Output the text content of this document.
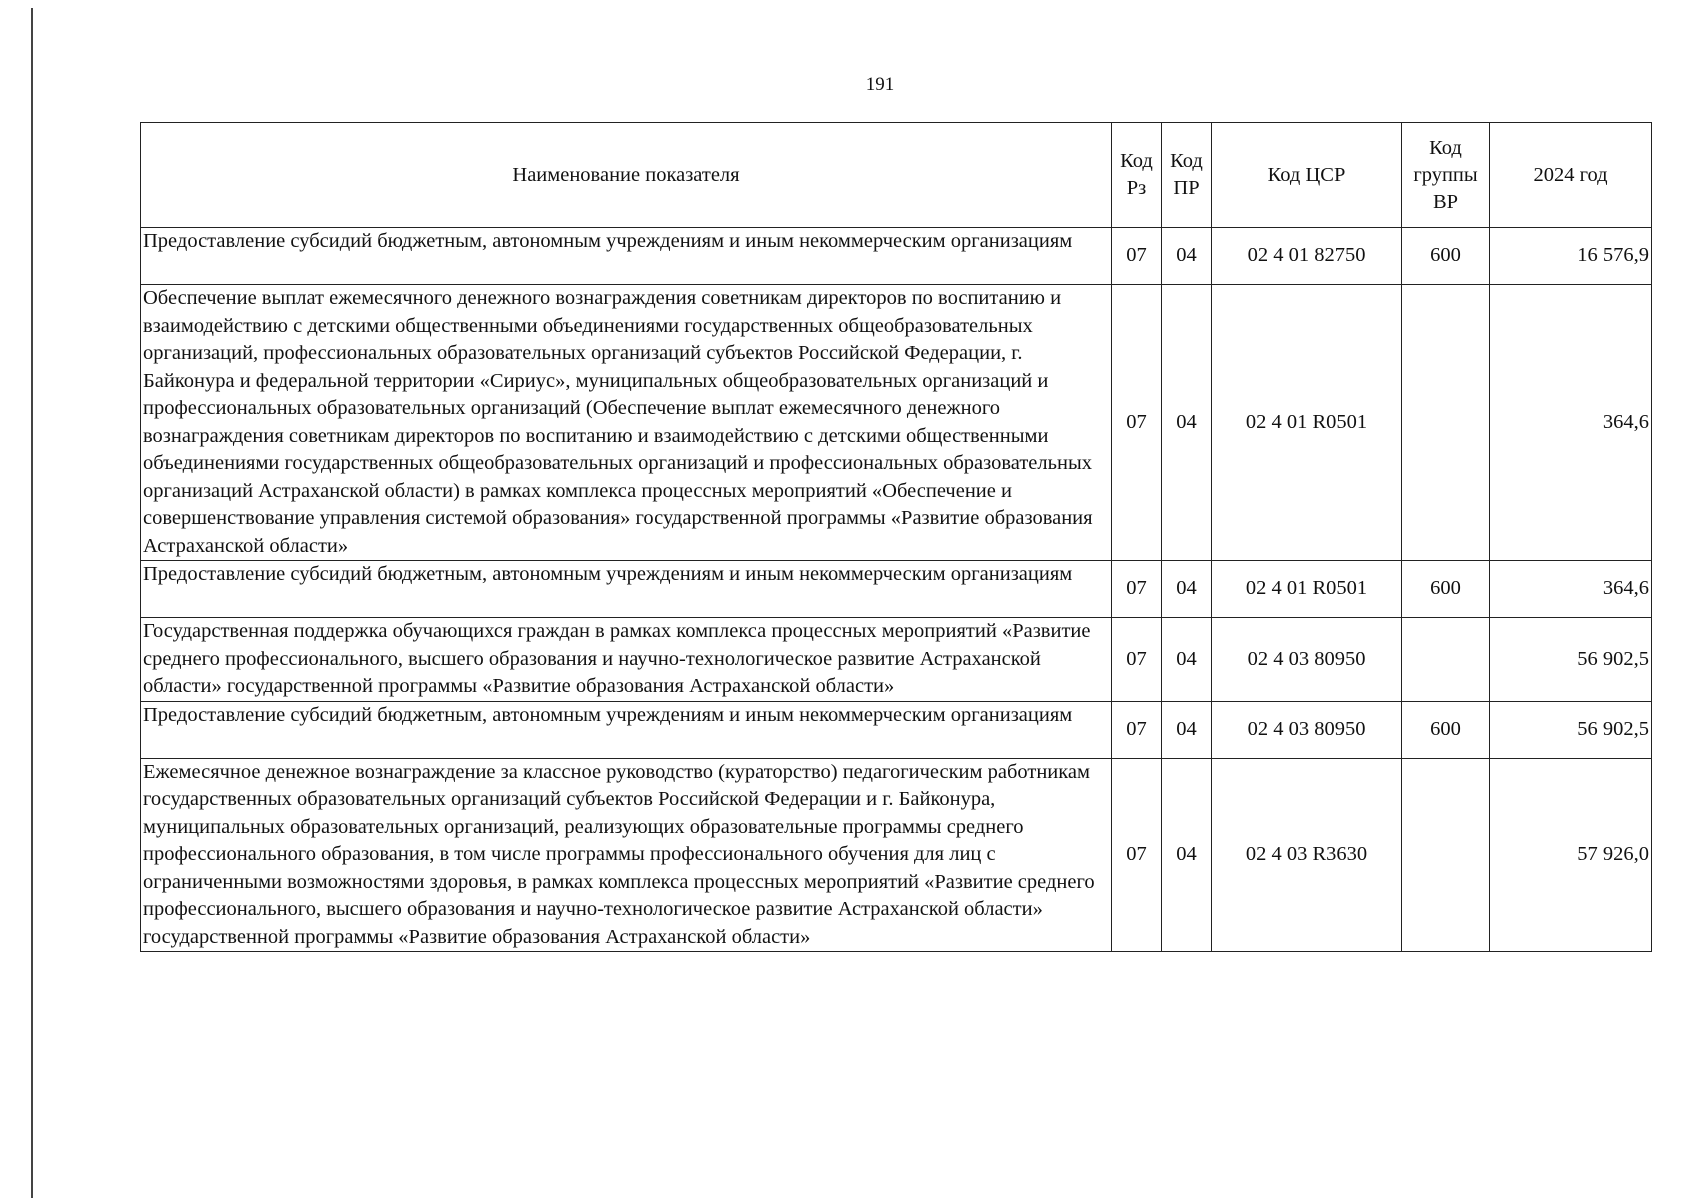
191
Наименование показателя	Код Рз	Код ПР	Код ЦСР	Код группы ВР	2024 год
Предоставление субсидий бюджетным, автономным учреждениям и иным некоммерческим организациям	07	04	02 4 01 82750	600	16 576,9
Обеспечение выплат ежемесячного денежного вознаграждения советникам директоров по воспитанию и взаимодействию с детскими общественными объединениями государственных общеобразовательных организаций, профессиональных образовательных организаций субъектов Российской Федерации, г. Байконура и федеральной территории «Сириус», муниципальных общеобразовательных организаций и профессиональных образовательных организаций (Обеспечение выплат ежемесячного денежного вознаграждения советникам директоров по воспитанию и взаимодействию с детскими общественными объединениями государственных общеобразовательных организаций и профессиональных образовательных организаций Астраханской области) в рамках комплекса процессных мероприятий «Обеспечение и совершенствование управления системой образования» государственной программы «Развитие образования Астраханской области»	07	04	02 4 01 R0501		364,6
Предоставление субсидий бюджетным, автономным учреждениям и иным некоммерческим организациям	07	04	02 4 01 R0501	600	364,6
Государственная поддержка обучающихся граждан в рамках комплекса процессных мероприятий «Развитие среднего профессионального, высшего образования и научно-технологическое развитие Астраханской области» государственной программы «Развитие образования Астраханской области»	07	04	02 4 03 80950		56 902,5
Предоставление субсидий бюджетным, автономным учреждениям и иным некоммерческим организациям	07	04	02 4 03 80950	600	56 902,5
Ежемесячное денежное вознаграждение за классное руководство (кураторство) педагогическим работникам государственных образовательных организаций субъектов Российской Федерации и г. Байконура, муниципальных образовательных организаций, реализующих образовательные программы среднего профессионального образования, в том числе программы профессионального обучения для лиц с ограниченными возможностями здоровья, в рамках комплекса процессных мероприятий «Развитие среднего профессионального, высшего образования и научно-технологическое развитие Астраханской области» государственной программы «Развитие образования Астраханской области»	07	04	02 4 03 R3630		57 926,0
